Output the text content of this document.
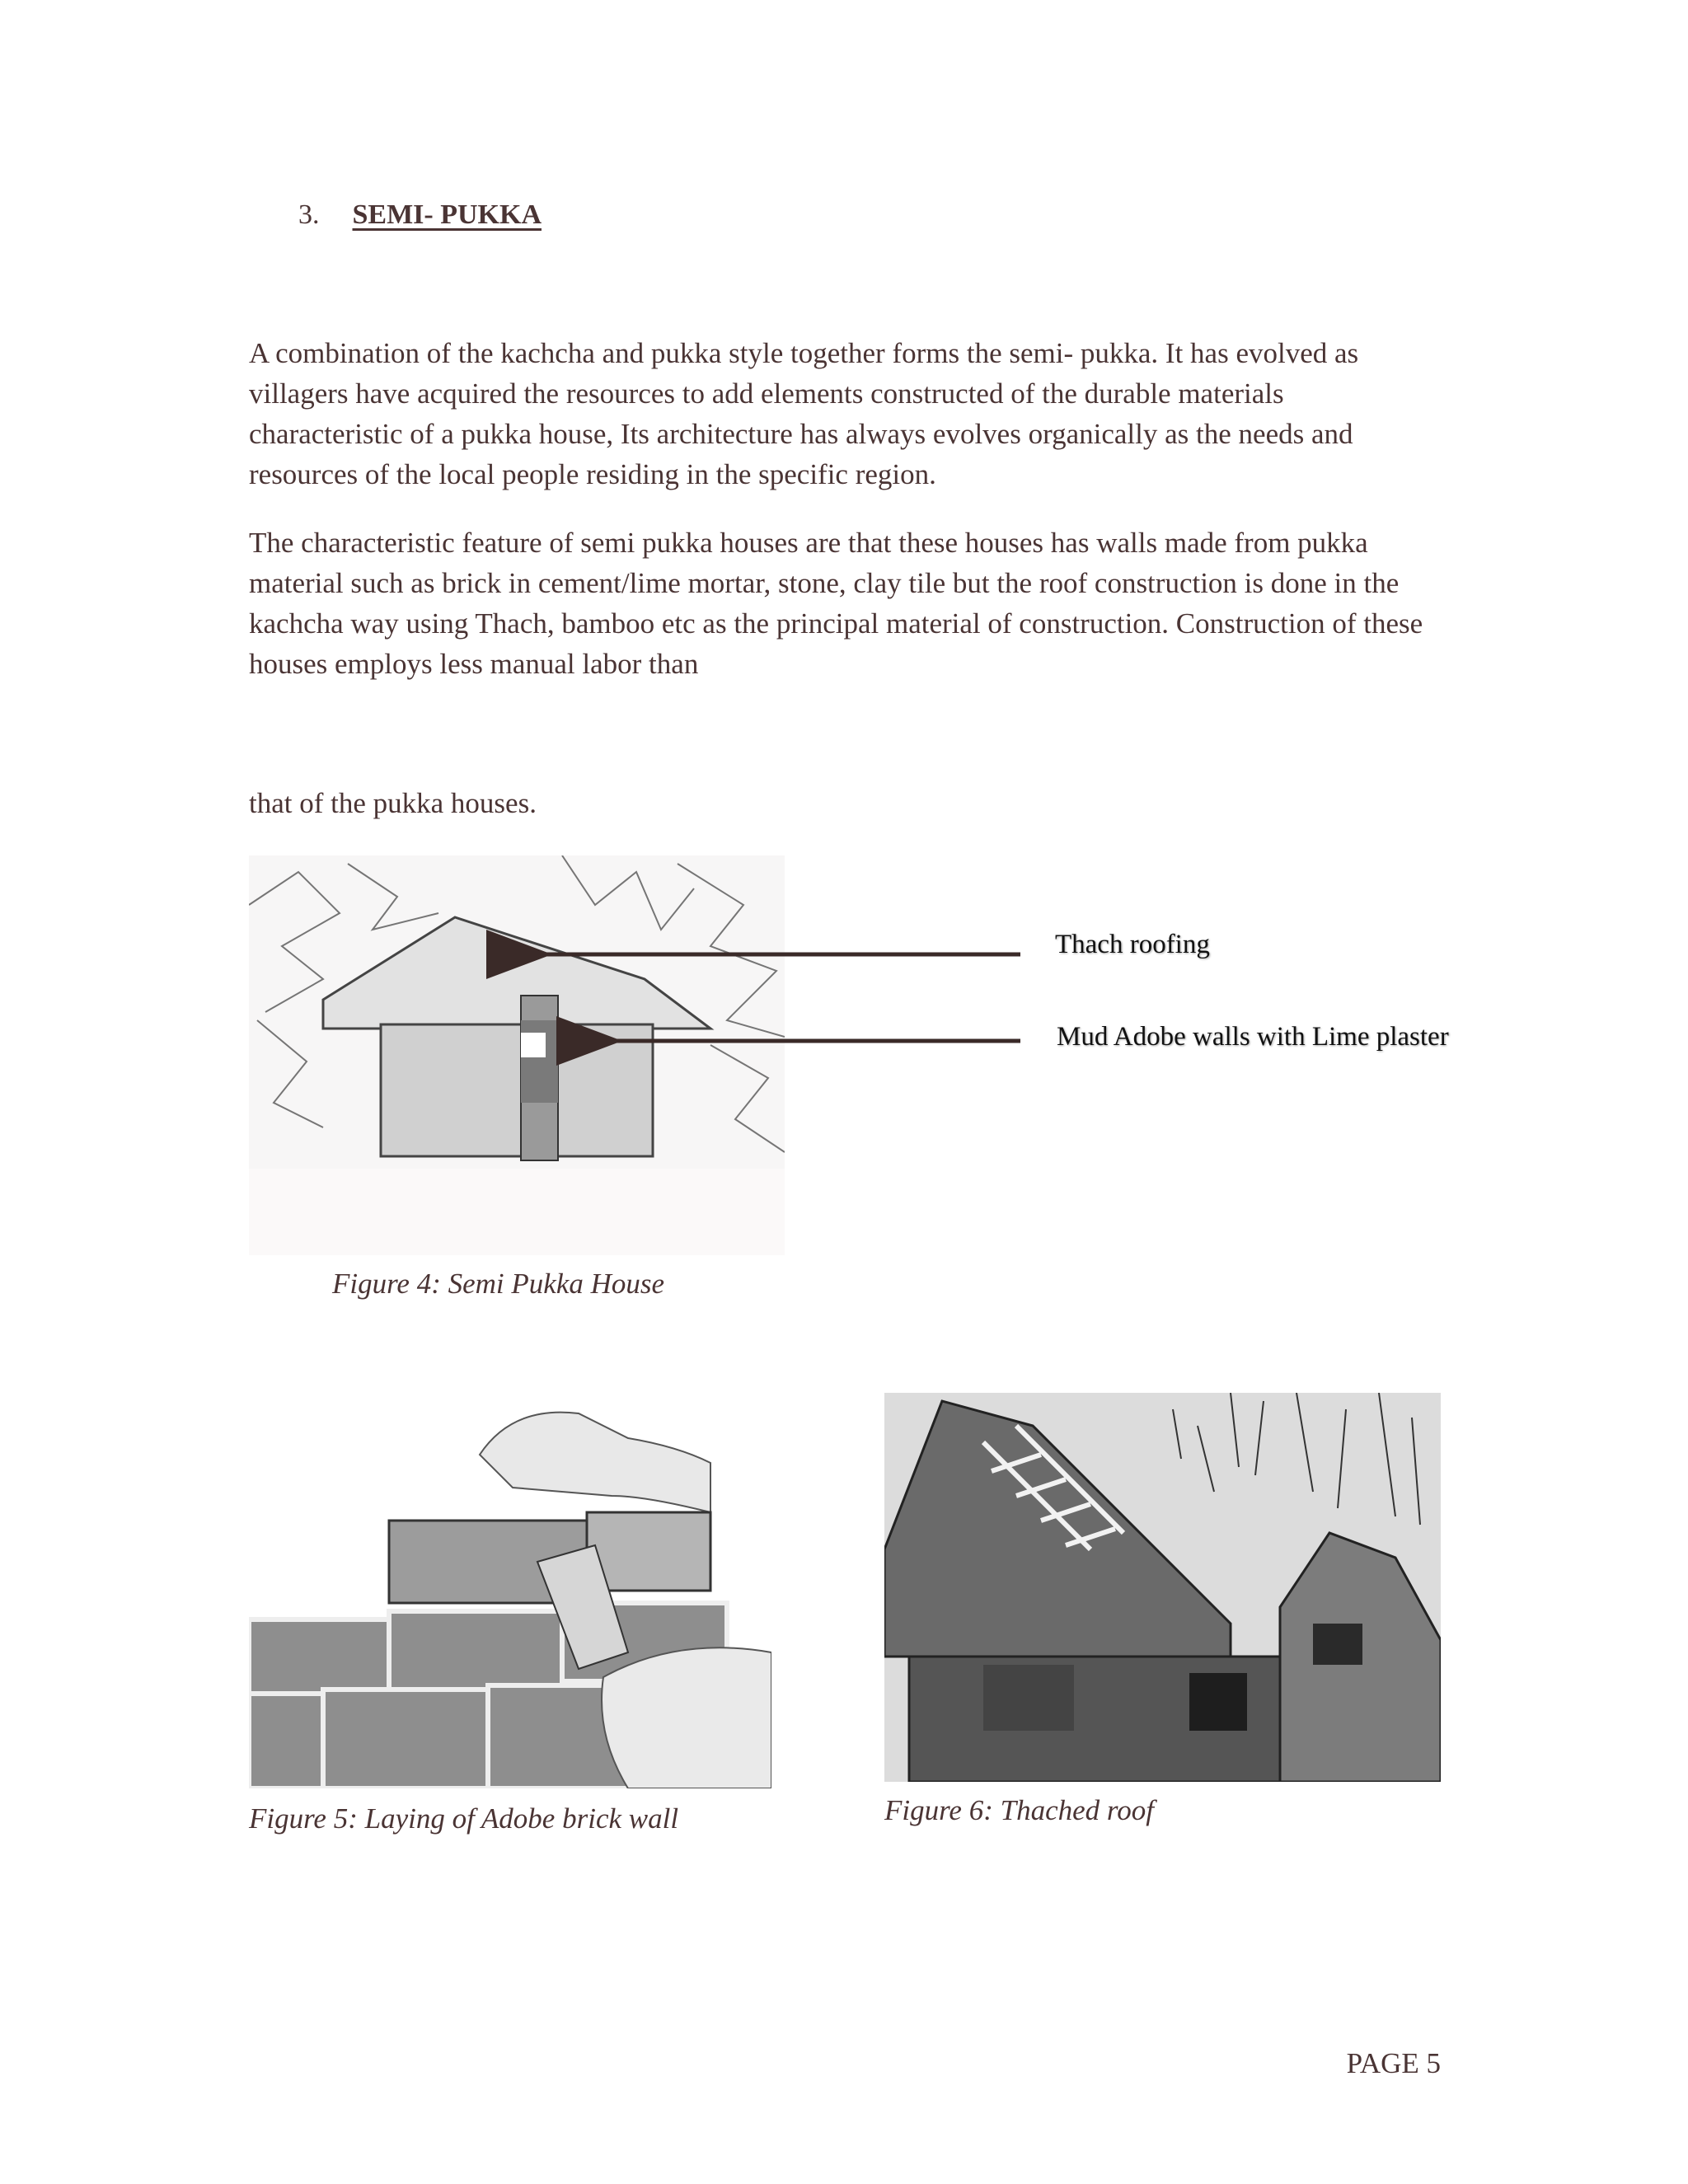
3. SEMI- PUKKA

A combination of the kachcha and pukka style together forms the semi- pukka. It has evolved as villagers have acquired the resources to add elements constructed of the durable materials characteristic of a pukka house, Its architecture has always evolves organically as the needs and resources of the local people residing in the specific region.

The characteristic feature of semi pukka houses are that these houses has walls made from pukka material such as brick in cement/lime mortar, stone, clay tile but the roof construction is done in the kachcha way using Thach, bamboo etc as the principal material of construction. Construction of these houses employs less manual labor than

that of the pukka houses.

Figure 4: Semi Pukka House
Thach roofing
Mud Adobe walls with Lime plaster
Figure 5: Laying of Adobe brick wall	Figure 6: Thached roof
PAGE 5
